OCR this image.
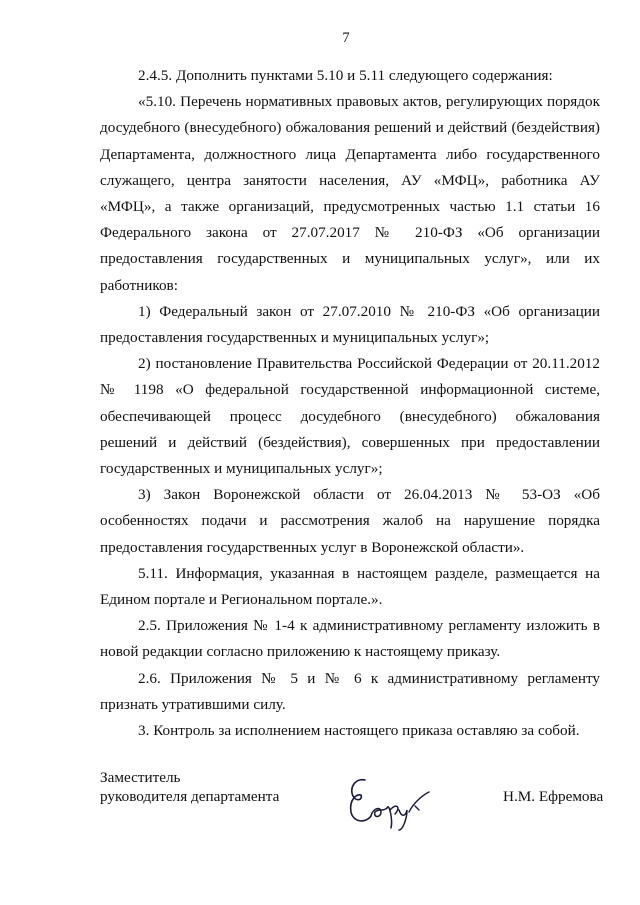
7

2.4.5. Дополнить пунктами 5.10 и 5.11 следующего содержания:

«5.10. Перечень нормативных правовых актов, регулирующих порядок досудебного (внесудебного) обжалования решений и действий (бездействия) Департамента, должностного лица Департамента либо государственного служащего, центра занятости населения, АУ «МФЦ», работника АУ «МФЦ», а также организаций, предусмотренных частью 1.1 статьи 16 Федерального закона от 27.07.2017 № 210-ФЗ «Об организации предоставления государственных и муниципальных услуг», или их работников:

1) Федеральный закон от 27.07.2010 № 210-ФЗ «Об организации предоставления государственных и муниципальных услуг»;

2) постановление Правительства Российской Федерации от 20.11.2012 № 1198 «О федеральной государственной информационной системе, обеспечивающей процесс досудебного (внесудебного) обжалования решений и действий (бездействия), совершенных при предоставлении государственных и муниципальных услуг»;

3) Закон Воронежской области от 26.04.2013 № 53-ОЗ «Об особенностях подачи и рассмотрения жалоб на нарушение порядка предоставления государственных услуг в Воронежской области».

5.11. Информация, указанная в настоящем разделе, размещается на Едином портале и Региональном портале.».

2.5. Приложения № 1-4 к административному регламенту изложить в новой редакции согласно приложению к настоящему приказу.

2.6. Приложения № 5 и № 6 к административному регламенту признать утратившими силу.

3. Контроль за исполнением настоящего приказа оставляю за собой.

Заместитель
руководителя департамента	Н.М. Ефремова
